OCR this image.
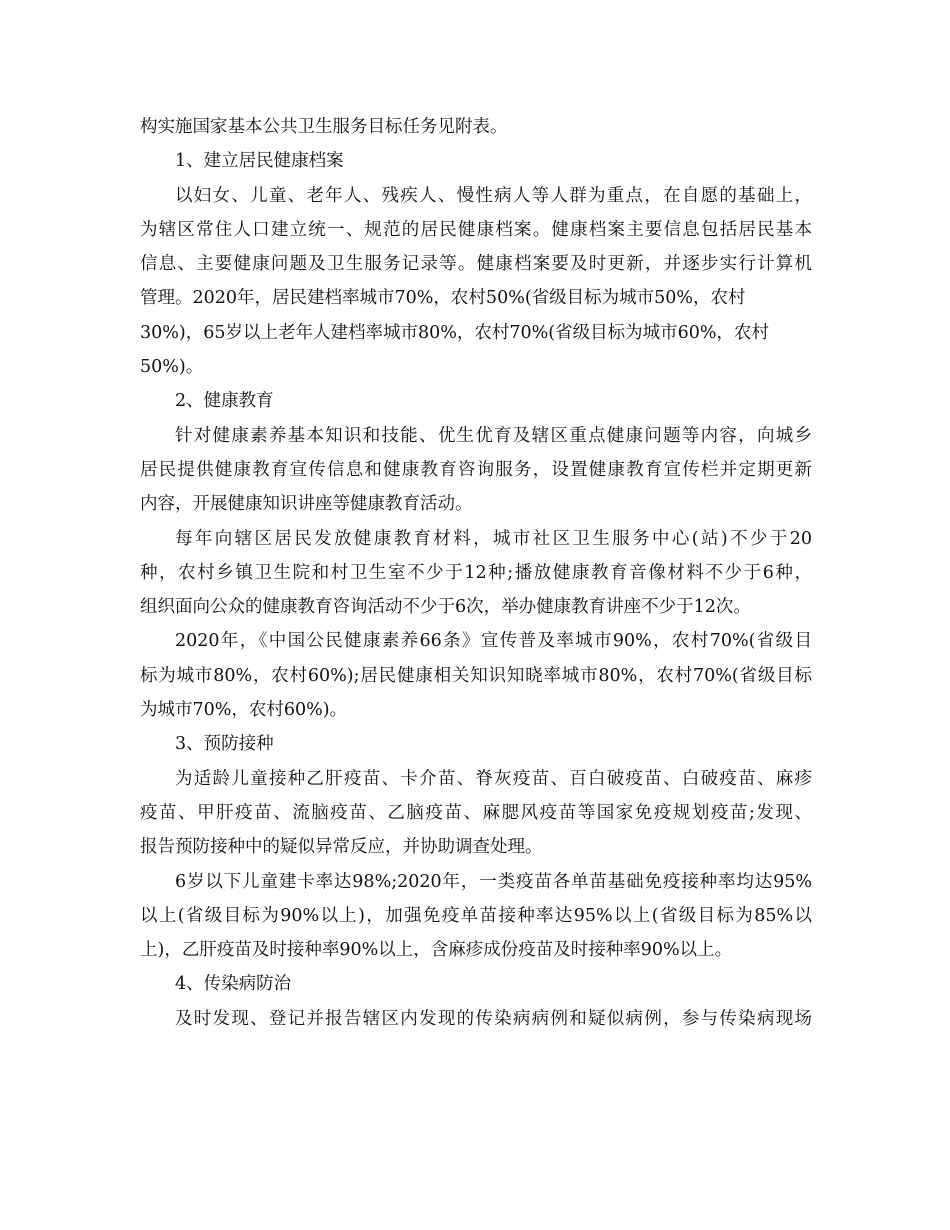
构实施国家基本公共卫生服务目标任务见附表。
1、建立居民健康档案
以妇女、儿童、老年人、残疾人、慢性病人等人群为重点，在自愿的基础上，
为辖区常住人口建立统一、规范的居民健康档案。健康档案主要信息包括居民基本
信息、主要健康问题及卫生服务记录等。健康档案要及时更新，并逐步实行计算机
管理。2020年，居民建档率城市70%，农村50%(省级目标为城市50%，农村
30%)，65岁以上老年人建档率城市80%，农村70%(省级目标为城市60%，农村
50%)。
2、健康教育
针对健康素养基本知识和技能、优生优育及辖区重点健康问题等内容，向城乡
居民提供健康教育宣传信息和健康教育咨询服务，设置健康教育宣传栏并定期更新
内容，开展健康知识讲座等健康教育活动。
每年向辖区居民发放健康教育材料，城市社区卫生服务中心(站)不少于20
种，农村乡镇卫生院和村卫生室不少于12种;播放健康教育音像材料不少于6种，
组织面向公众的健康教育咨询活动不少于6次，举办健康教育讲座不少于12次。
2020年，《中国公民健康素养66条》宣传普及率城市90%，农村70%(省级目
标为城市80%，农村60%);居民健康相关知识知晓率城市80%，农村70%(省级目标
为城市70%，农村60%)。
3、预防接种
为适龄儿童接种乙肝疫苗、卡介苗、脊灰疫苗、百白破疫苗、白破疫苗、麻疹
疫苗、甲肝疫苗、流脑疫苗、乙脑疫苗、麻腮风疫苗等国家免疫规划疫苗;发现、
报告预防接种中的疑似异常反应，并协助调查处理。
6岁以下儿童建卡率达98%;2020年，一类疫苗各单苗基础免疫接种率均达95%
以上(省级目标为90%以上)，加强免疫单苗接种率达95%以上(省级目标为85%以
上)，乙肝疫苗及时接种率90%以上，含麻疹成份疫苗及时接种率90%以上。
4、传染病防治
及时发现、登记并报告辖区内发现的传染病病例和疑似病例，参与传染病现场
